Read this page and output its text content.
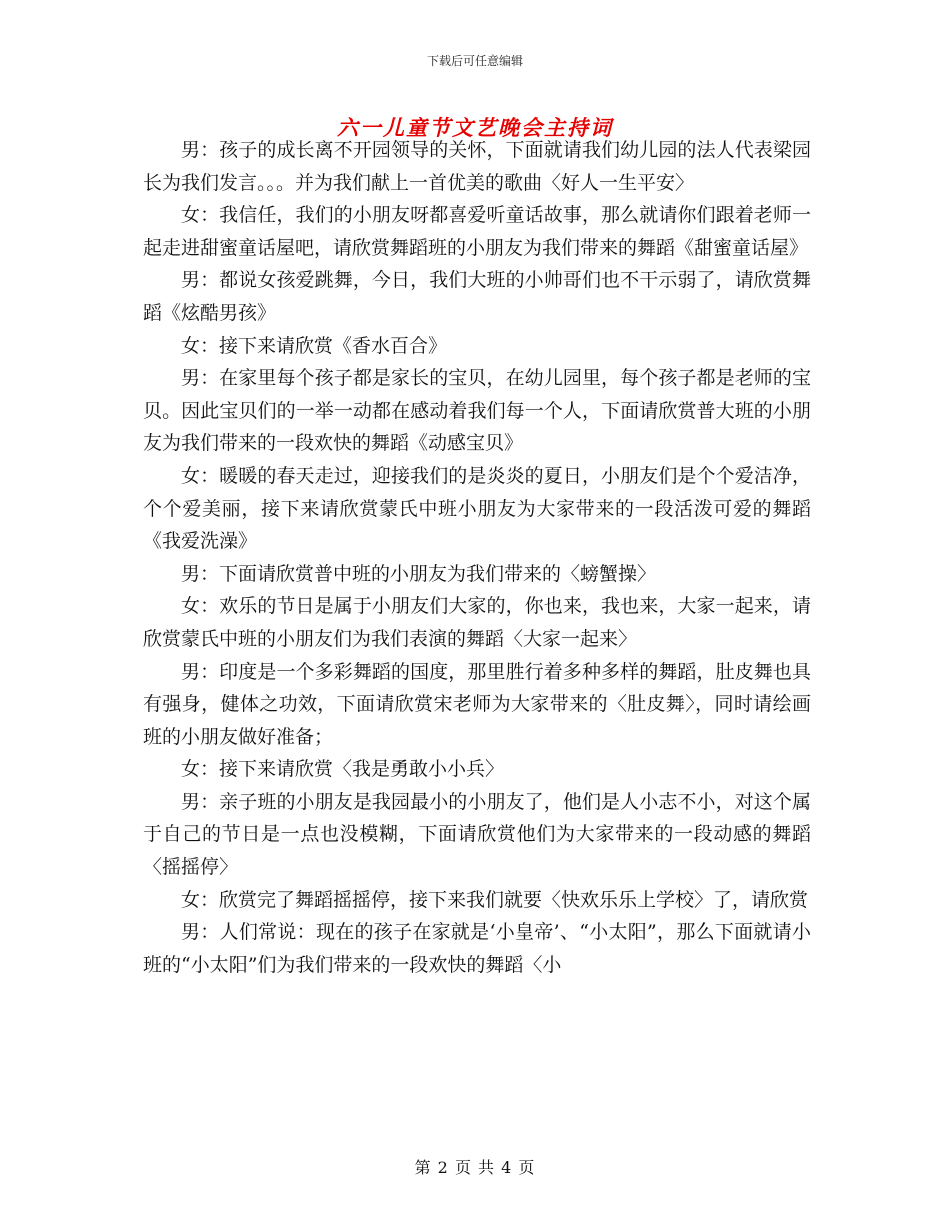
下载后可任意编辑
六一儿童节文艺晚会主持词

男：孩子的成长离不开园领导的关怀，下面就请我们幼儿园的法人代表梁园长为我们发言。。。并为我们献上一首优美的歌曲〈好人一生平安〉

女：我信任，我们的小朋友呀都喜爱听童话故事，那么就请你们跟着老师一起走进甜蜜童话屋吧，请欣赏舞蹈班的小朋友为我们带来的舞蹈《甜蜜童话屋》

男：都说女孩爱跳舞，今日，我们大班的小帅哥们也不干示弱了，请欣赏舞蹈《炫酷男孩》

女：接下来请欣赏《香水百合》

男：在家里每个孩子都是家长的宝贝，在幼儿园里，每个孩子都是老师的宝贝。因此宝贝们的一举一动都在感动着我们每一个人，下面请欣赏普大班的小朋友为我们带来的一段欢快的舞蹈《动感宝贝》

女：暖暖的春天走过，迎接我们的是炎炎的夏日，小朋友们是个个爱洁净，个个爱美丽，接下来请欣赏蒙氏中班小朋友为大家带来的一段活泼可爱的舞蹈《我爱洗澡》

男：下面请欣赏普中班的小朋友为我们带来的〈螃蟹操〉

女：欢乐的节日是属于小朋友们大家的，你也来，我也来，大家一起来，请欣赏蒙氏中班的小朋友们为我们表演的舞蹈〈大家一起来〉

男：印度是一个多彩舞蹈的国度，那里胜行着多种多样的舞蹈，肚皮舞也具有强身，健体之功效，下面请欣赏宋老师为大家带来的〈肚皮舞〉，同时请绘画班的小朋友做好准备；

女：接下来请欣赏〈我是勇敢小小兵〉

男：亲子班的小朋友是我园最小的小朋友了，他们是人小志不小，对这个属于自己的节日是一点也没模糊，下面请欣赏他们为大家带来的一段动感的舞蹈〈摇摇停〉

女：欣赏完了舞蹈摇摇停，接下来我们就要〈快欢乐乐上学校〉了，请欣赏

男：人们常说：现在的孩子在家就是‘小皇帝’、“小太阳”，那么下面就请小班的“小太阳”们为我们带来的一段欢快的舞蹈〈小

第 2 页 共 4 页
